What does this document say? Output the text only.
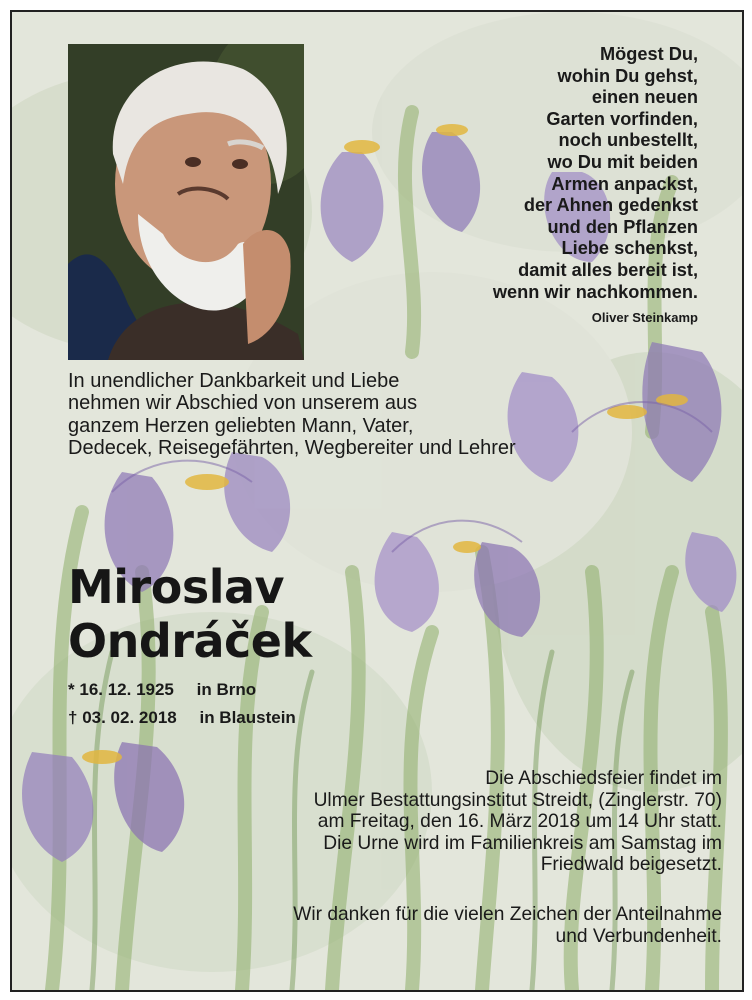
Mögest Du,
wohin Du gehst,
einen neuen
Garten vorfinden,
noch unbestellt,
wo Du mit beiden
Armen anpackst,
der Ahnen gedenkst
und den Pflanzen
Liebe schenkst,
damit alles bereit ist,
wenn wir nachkommen.
Oliver Steinkamp
In unendlicher Dankbarkeit und Liebe
nehmen wir Abschied von unserem aus
ganzem Herzen geliebten Mann, Vater,
Dedecek, Reisegefährten, Wegbereiter und Lehrer
Miroslav
Ondráček
* 16. 12. 1925 in Brno
† 03. 02. 2018 in Blaustein
Die Abschiedsfeier findet im
Ulmer Bestattungsinstitut Streidt, (Zinglerstr. 70)
am Freitag, den 16. März 2018 um 14 Uhr statt.
Die Urne wird im Familienkreis am Samstag im
Friedwald beigesetzt.
Wir danken für die vielen Zeichen der Anteilnahme
und Verbundenheit.
